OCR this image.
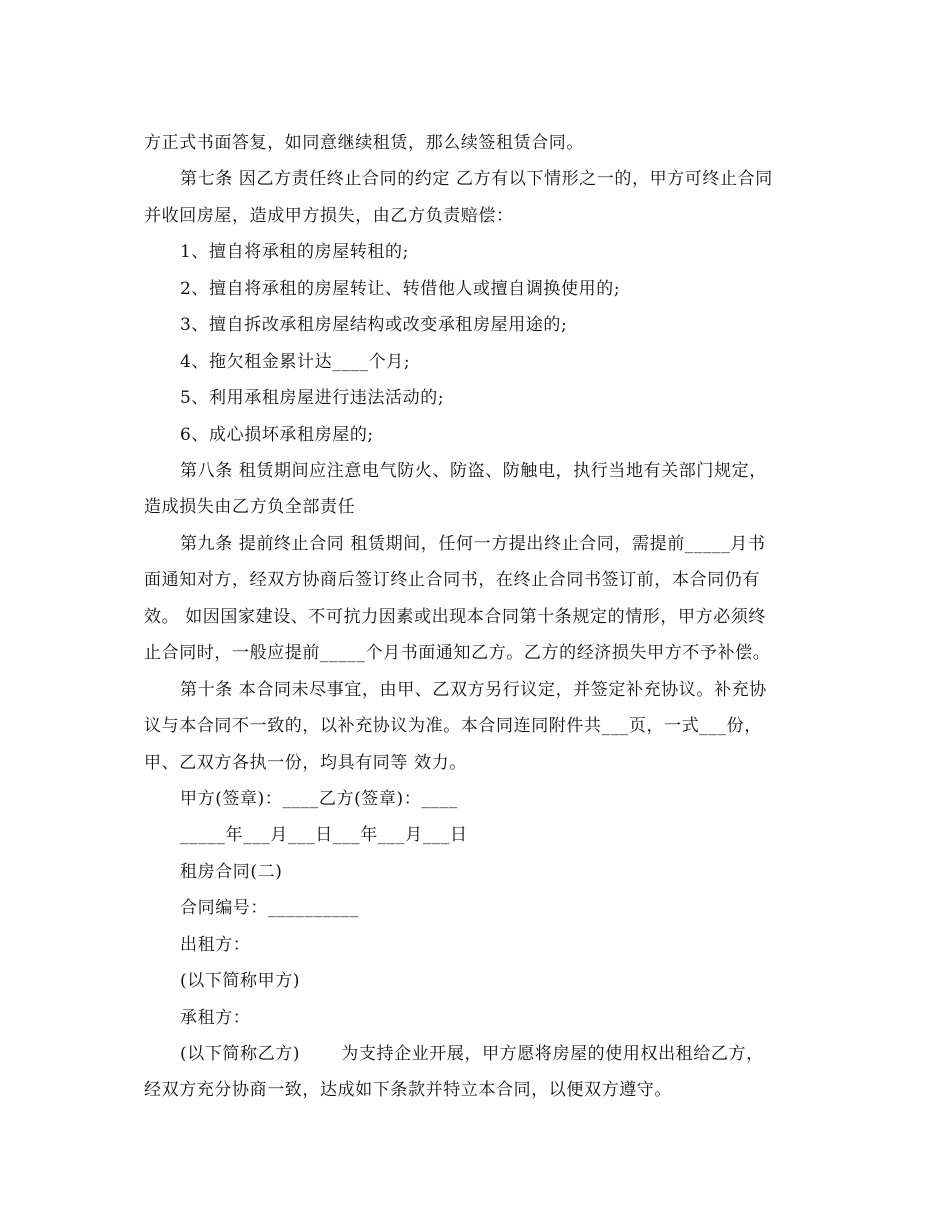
方正式书面答复，如同意继续租赁，那么续签租赁合同。
第七条 因乙方责任终止合同的约定 乙方有以下情形之一的，甲方可终止合同
并收回房屋，造成甲方损失，由乙方负责赔偿：
1、擅自将承租的房屋转租的;
2、擅自将承租的房屋转让、转借他人或擅自调换使用的;
3、擅自拆改承租房屋结构或改变承租房屋用途的;
4、拖欠租金累计达____个月;
5、利用承租房屋进行违法活动的;
6、成心损坏承租房屋的;
第八条 租赁期间应注意电气防火、防盗、防触电，执行当地有关部门规定，
造成损失由乙方负全部责任
第九条 提前终止合同 租赁期间，任何一方提出终止合同，需提前_____月书
面通知对方，经双方协商后签订终止合同书，在终止合同书签订前，本合同仍有
效。 如因国家建设、不可抗力因素或出现本合同第十条规定的情形，甲方必须终
止合同时，一般应提前_____个月书面通知乙方。乙方的经济损失甲方不予补偿。
第十条 本合同未尽事宜，由甲、乙双方另行议定，并签定补充协议。补充协
议与本合同不一致的，以补充协议为准。本合同连同附件共___页，一式___份，
甲、乙双方各执一份，均具有同等 效力。
甲方(签章)：____乙方(签章)：____
_____年___月___日___年___月___日
租房合同(二)
合同编号：__________
出租方：
(以下简称甲方)
承租方：
(以下简称乙方)　　 为支持企业开展，甲方愿将房屋的使用权出租给乙方，
经双方充分协商一致，达成如下条款并特立本合同，以便双方遵守。
